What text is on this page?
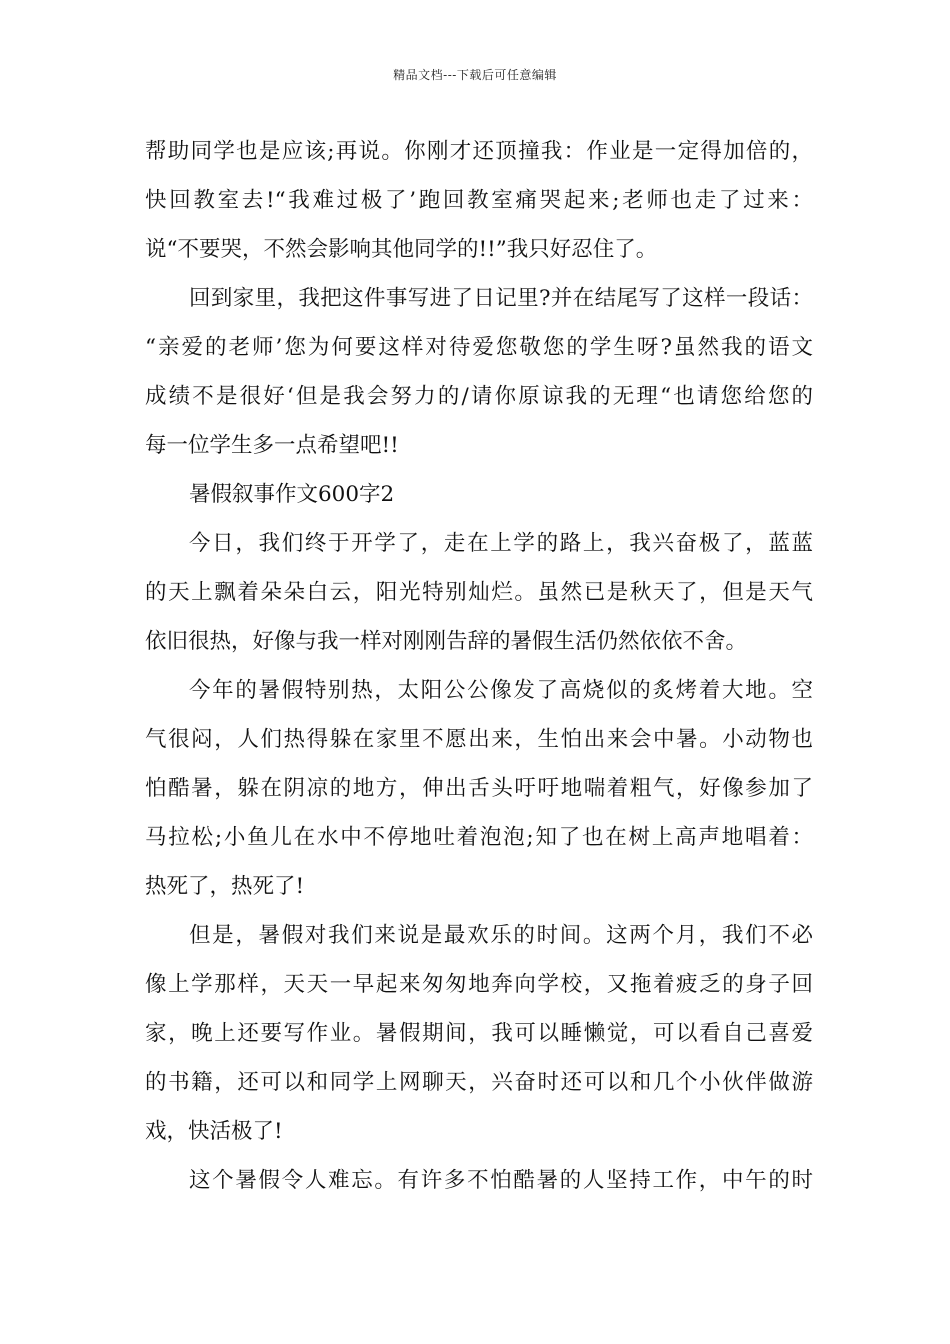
精品文档---下载后可任意编辑
帮助同学也是应该;再说。你刚才还顶撞我：作业是一定得加倍的，
快回教室去!“我难过极了’跑回教室痛哭起来;老师也走了过来：
说“不要哭，不然会影响其他同学的!!”我只好忍住了。
回到家里，我把这件事写进了日记里?并在结尾写了这样一段话：
“亲爱的老师’您为何要这样对待爱您敬您的学生呀?虽然我的语文
成绩不是很好‘但是我会努力的/请你原谅我的无理“也请您给您的
每一位学生多一点希望吧!!
暑假叙事作文600字2
今日，我们终于开学了，走在上学的路上，我兴奋极了，蓝蓝
的天上飘着朵朵白云，阳光特别灿烂。虽然已是秋天了，但是天气
依旧很热，好像与我一样对刚刚告辞的暑假生活仍然依依不舍。
今年的暑假特别热，太阳公公像发了高烧似的炙烤着大地。空
气很闷，人们热得躲在家里不愿出来，生怕出来会中暑。小动物也
怕酷暑，躲在阴凉的地方，伸出舌头吁吁地喘着粗气，好像参加了
马拉松;小鱼儿在水中不停地吐着泡泡;知了也在树上高声地唱着：
热死了，热死了!
但是，暑假对我们来说是最欢乐的时间。这两个月，我们不必
像上学那样，天天一早起来匆匆地奔向学校，又拖着疲乏的身子回
家，晚上还要写作业。暑假期间，我可以睡懒觉，可以看自己喜爱
的书籍，还可以和同学上网聊天，兴奋时还可以和几个小伙伴做游
戏，快活极了!
这个暑假令人难忘。有许多不怕酷暑的人坚持工作，中午的时
